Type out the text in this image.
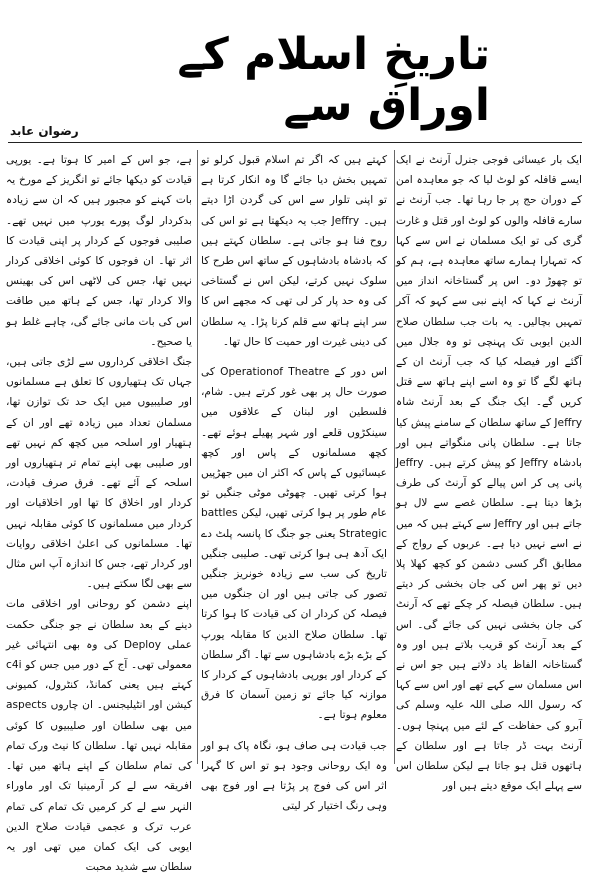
تاریخِ اسلام کے اوراق سے
رضوان عابد

ایک بار عیسائی فوجی جنرل آرنٹ نے ایک ایسے قافلہ کو لوٹ لیا کہ جو معاہدہ امن کے دوران حج پر جا رہا تھا۔ جب آرنٹ نے سارے قافلہ والوں کو لوٹ اور قتل و غارت گری کی تو ایک مسلمان نے اس سے کہا کہ تمہارا ہمارے ساتھ معاہدہ ہے، ہم کو تو چھوڑ دو۔ اس پر گستاخانہ انداز میں آرنٹ نے کہا کہ اپنے نبی سے کہو کہ آکر تمہیں بچالیں۔ یہ بات جب سلطان صلاح الدین ایوبی تک پہنچی تو وہ جلال میں آگئے اور فیصلہ کیا کہ جب آرنٹ ان کے ہاتھ لگے گا تو وہ اسے اپنے ہاتھ سے قتل کریں گے۔ ایک جنگ کے بعد آرنٹ شاہ Jeffry کے ساتھ سلطان کے سامنے پیش کیا جاتا ہے۔ سلطان پانی منگواتے ہیں اور بادشاہ Jeffry کو پیش کرتے ہیں۔ Jeffry پانی پی کر اس پیالے کو آرنٹ کی طرف بڑھا دیتا ہے۔ سلطان غصے سے لال ہو جاتے ہیں اور Jeffry سے کہتے ہیں کہ میں نے اسے نہیں دیا ہے۔ عربوں کے رواج کے مطابق اگر کسی دشمن کو کچھ کھلا پلا دیں تو پھر اس کی جان بخشی کر دیتے ہیں۔ سلطان فیصلہ کر چکے تھے کہ آرنٹ کی جان بخشی نہیں کی جائے گی۔ اس کے بعد آرنٹ کو قریب بلاتے ہیں اور وہ گستاخانہ الفاظ یاد دلاتے ہیں جو اس نے اس مسلمان سے کہے تھے اور اس سے کہا کہ رسول اللہ صلی اللہ علیہ وسلم کی آبرو کی حفاظت کے لئے میں پہنچا ہوں۔ آرنٹ بہت ڈر جاتا ہے اور سلطان کے ہاتھوں قتل ہو جاتا ہے لیکن سلطان اس سے پہلے ایک موقع دیتے ہیں اور

کہتے ہیں کہ اگر تم اسلام قبول کرلو تو تمہیں بخش دیا جائے گا وہ انکار کرتا ہے تو اپنی تلوار سے اس کی گردن اڑا دیتے ہیں۔ Jeffry جب یہ دیکھتا ہے تو اس کی روح فنا ہو جاتی ہے۔ سلطان کہتے ہیں کہ بادشاہ بادشاہوں کے ساتھ اس طرح کا سلوک نہیں کرتے، لیکن اس نے گستاخی کی وہ حد پار کر لی تھی کہ مجھے اس کا سر اپنے ہاتھ سے قلم کرنا پڑا۔ یہ سلطان کی دینی غیرت اور حمیت کا حال تھا۔

اس دور کے Operationof Theatre کی صورت حال پر بھی غور کرتے ہیں۔ شام، فلسطین اور لبنان کے علاقوں میں سینکڑوں قلعے اور شہر پھیلے ہوئے تھے۔ کچھ مسلمانوں کے پاس اور کچھ عیسائیوں کے پاس کہ اکثر ان میں جھڑپیں ہوا کرتی تھیں۔ چھوٹی موٹی جنگیں تو عام طور پر ہوا کرتی تھیں، لیکن battles Strategic یعنی جو جنگ کا پانسہ پلٹ دے ایک آدھ ہی ہوا کرتی تھی۔ صلیبی جنگیں تاریخ کی سب سے زیادہ خونریز جنگیں تصور کی جاتی ہیں اور ان جنگوں میں فیصلہ کن کردار ان کی قیادت کا ہوا کرتا تھا۔ سلطان صلاح الدین کا مقابلہ یورپ کے بڑے بڑے بادشاہوں سے تھا۔ اگر سلطان کے کردار اور یورپی بادشاہوں کے کردار کا موازنہ کیا جائے تو زمین آسمان کا فرق معلوم ہوتا ہے۔

جب قیادت ہی صاف ہو، نگاہ پاک ہو اور وہ ایک روحانی وجود ہو تو اس کا گہرا اثر اس کی فوج پر پڑتا ہے اور فوج بھی وہی رنگ اختیار کر لیتی

ہے، جو اس کے امیر کا ہوتا ہے۔ یورپی قیادت کو دیکھا جائے تو انگریز کے مورخ یہ بات کہنے کو مجبور ہیں کہ ان سے زیادہ بدکردار لوگ پورے یورپ میں نہیں تھے۔ صلیبی فوجوں کے کردار پر اپنی قیادت کا اثر تھا۔ ان فوجوں کا کوئی اخلاقی کردار نہیں تھا، جس کی لاٹھی اس کی بھینس والا کردار تھا، جس کے ہاتھ میں طاقت اس کی بات مانی جائے گی، چاہے غلط ہو یا صحیح۔

جنگ اخلاقی کرداروں سے لڑی جاتی ہیں، جہاں تک ہتھیاروں کا تعلق ہے مسلمانوں اور صلیبیوں میں ایک حد تک توازن تھا، مسلمان تعداد میں زیادہ تھے اور ان کے ہتھیار اور اسلحہ میں کچھ کم نہیں تھے اور صلیبی بھی اپنے تمام تر ہتھیاروں اور اسلحہ کے آئے تھے۔ فرق صرف قیادت، کردار اور اخلاق کا تھا اور اخلاقیات اور کردار میں مسلمانوں کا کوئی مقابلہ نہیں تھا۔ مسلمانوں کی اعلیٰ اخلاقی روایات اور کردار تھے، جس کا اندازہ آپ اس مثال سے بھی لگا سکتے ہیں۔

اپنے دشمن کو روحانی اور اخلاقی مات دینے کے بعد سلطان نے جو جنگی حکمت عملی Deploy کی وہ بھی انتہائی غیر معمولی تھی۔ آج کے دور میں جس کو c4i کہتے ہیں یعنی کمانڈ، کنٹرول، کمیونی کیشن اور انٹیلیجنس۔ ان چاروں aspects میں بھی سلطان اور صلیبیوں کا کوئی مقابلہ نہیں تھا۔ سلطان کا نیٹ ورک تمام کی تمام سلطان کے اپنے ہاتھ میں تھا۔ افریقہ سے لے کر آرمینیا تک اور ماوراء النہر سے لے کر کرمیں تک تمام کی تمام عرب ترک و عجمی قیادت صلاح الدین ایوبی کی ایک کمان میں تھی اور یہ سلطان سے شدید محبت
